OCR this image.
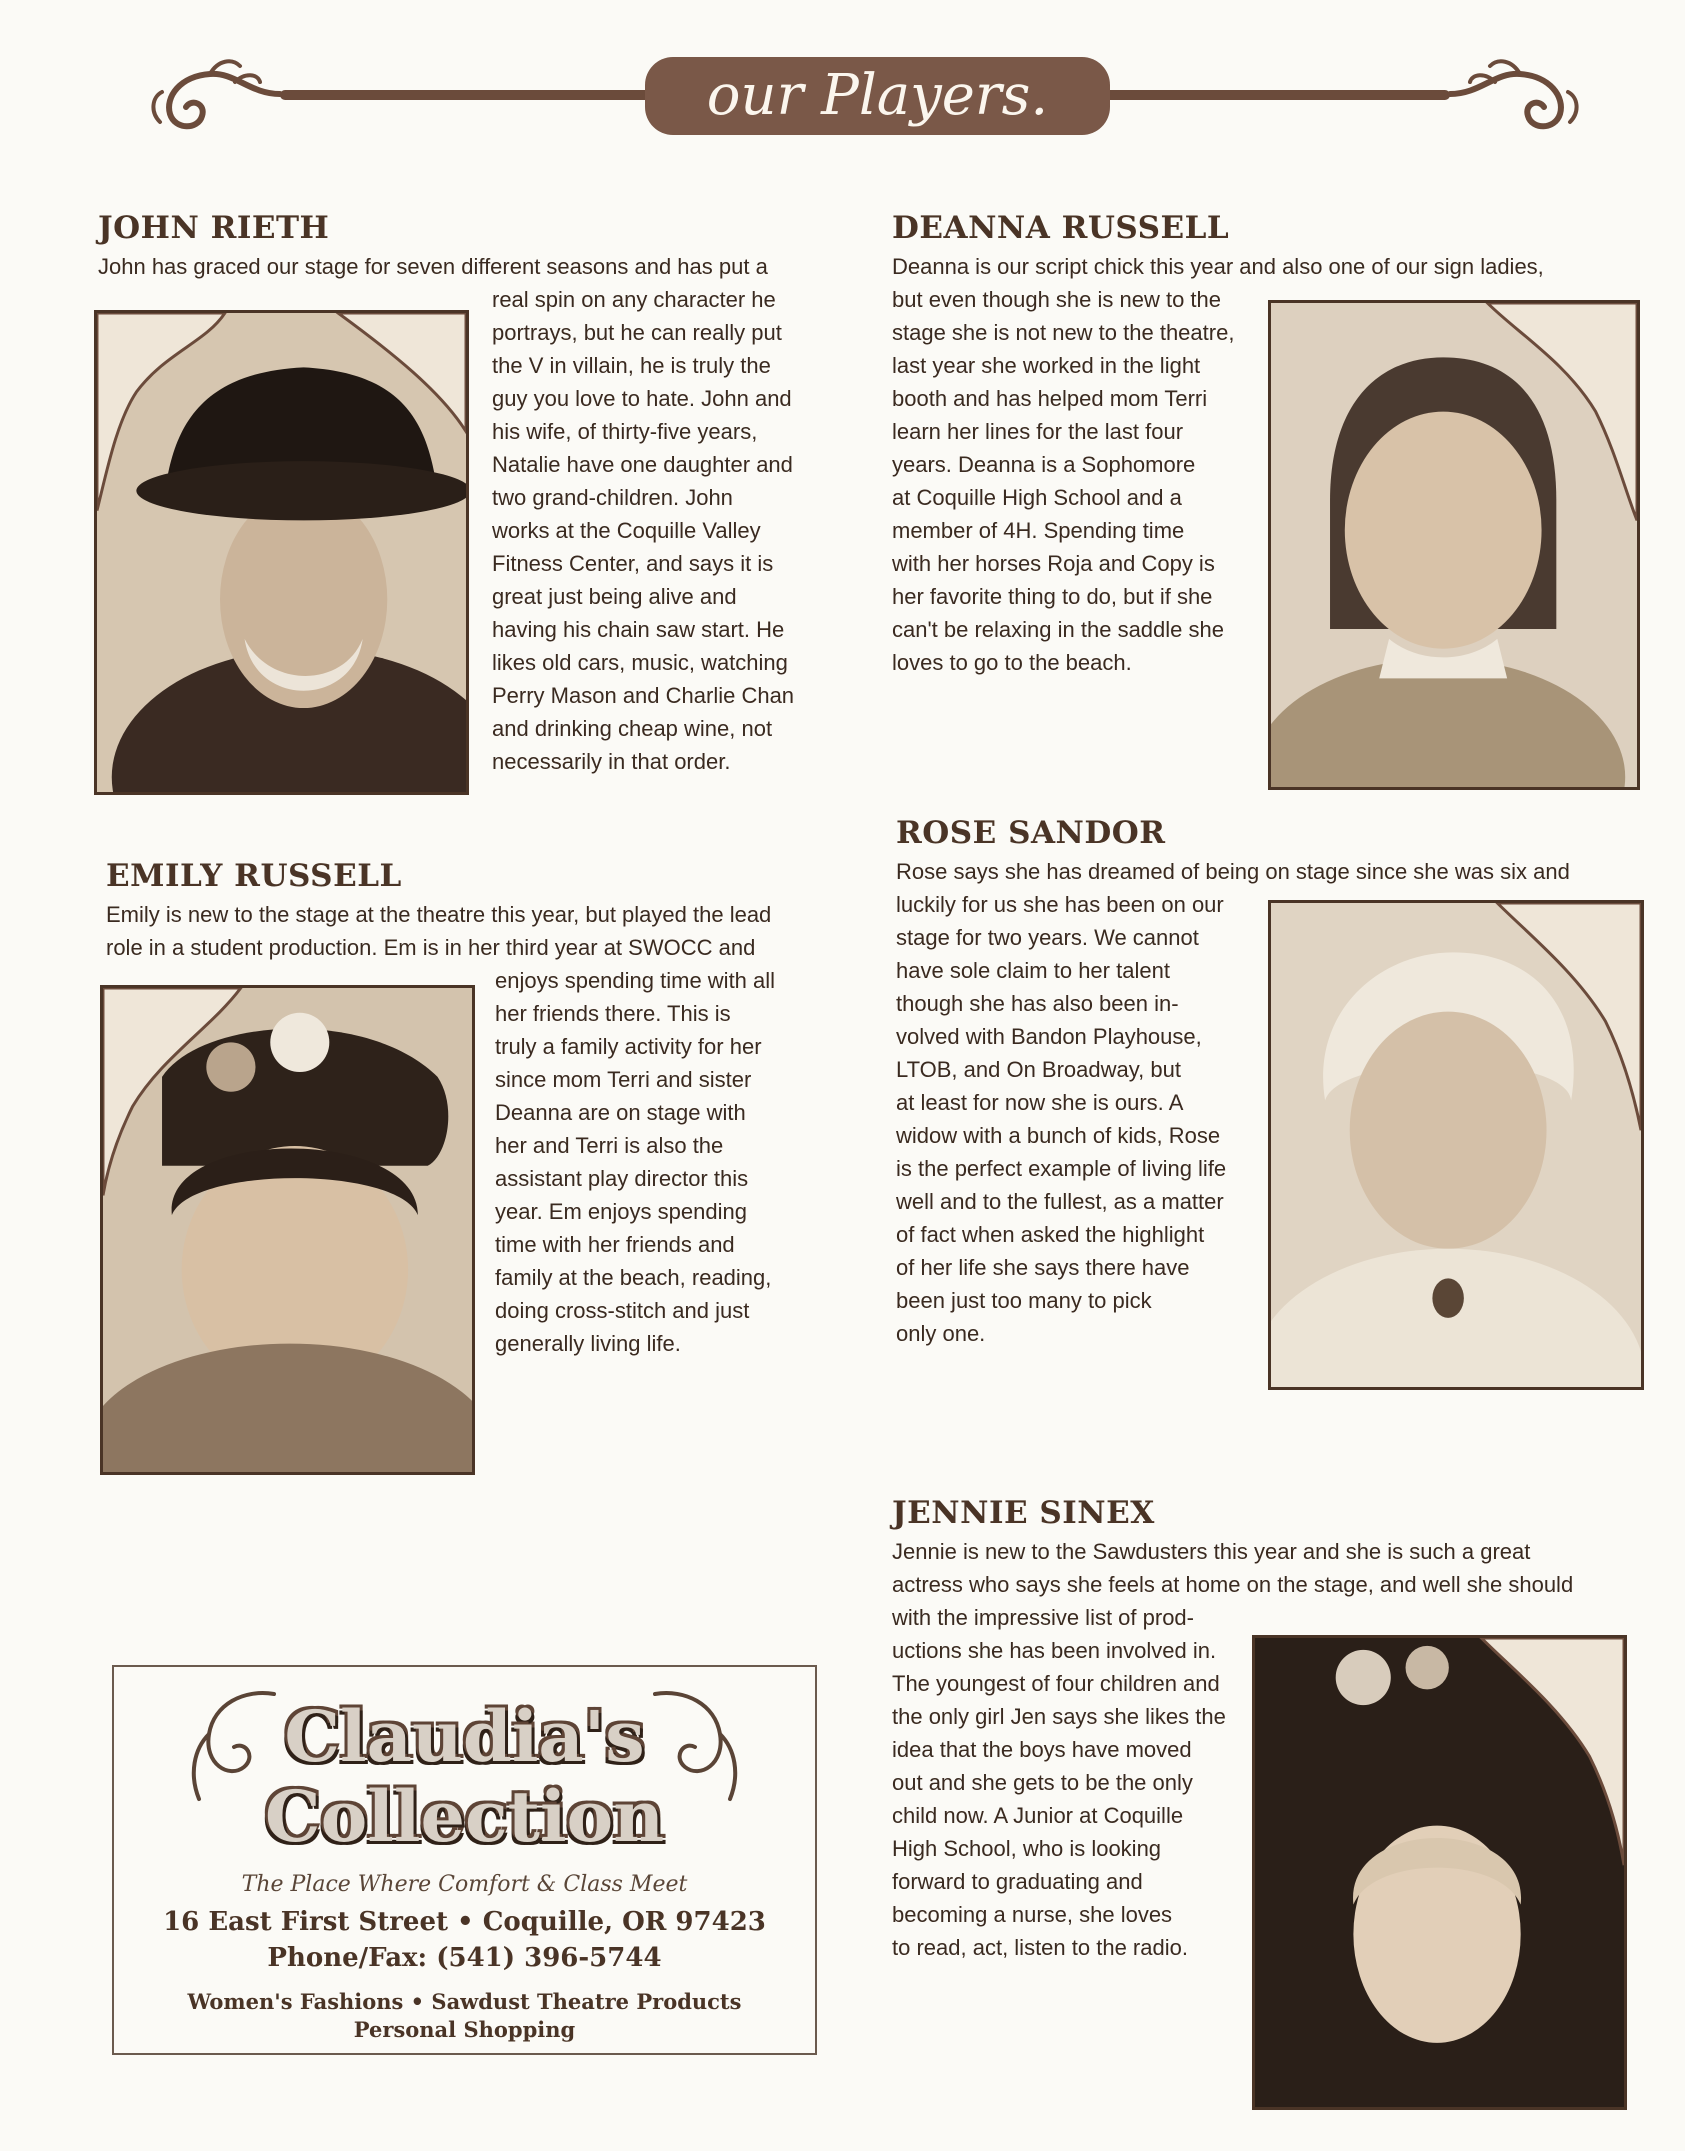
our Players.
JOHN RIETH

John has graced our stage for seven different seasons and has put a

real spin on any character he

portrays, but he can really put

the V in villain, he is truly the

guy you love to hate. John and

his wife, of thirty-five years,

Natalie have one daughter and

two grand-children. John

works at the Coquille Valley

Fitness Center, and says it is

great just being alive and

having his chain saw start. He

likes old cars, music, watching

Perry Mason and Charlie Chan

and drinking cheap wine, not

necessarily in that order.

DEANNA RUSSELL

Deanna is our script chick this year and also one of our sign ladies,

but even though she is new to the

stage she is not new to the theatre,

last year she worked in the light

booth and has helped mom Terri

learn her lines for the last four

years. Deanna is a Sophomore

at Coquille High School and a

member of 4H. Spending time

with her horses Roja and Copy is

her favorite thing to do, but if she

can't be relaxing in the saddle she

loves to go to the beach.

EMILY RUSSELL

Emily is new to the stage at the theatre this year, but played the lead

role in a student production. Em is in her third year at SWOCC and

enjoys spending time with all

her friends there. This is

truly a family activity for her

since mom Terri and sister

Deanna are on stage with

her and Terri is also the

assistant play director this

year. Em enjoys spending

time with her friends and

family at the beach, reading,

doing cross-stitch and just

generally living life.

ROSE SANDOR

Rose says she has dreamed of being on stage since she was six and

luckily for us she has been on our

stage for two years. We cannot

have sole claim to her talent

though she has also been in-

volved with Bandon Playhouse,

LTOB, and On Broadway, but

at least for now she is ours. A

widow with a bunch of kids, Rose

is the perfect example of living life

well and to the fullest, as a matter

of fact when asked the highlight

of her life she says there have

been just too many to pick

only one.

JENNIE SINEX

Jennie is new to the Sawdusters this year and she is such a great

actress who says she feels at home on the stage, and well she should

with the impressive list of prod-

uctions she has been involved in.

The youngest of four children and

the only girl Jen says she likes the

idea that the boys have moved

out and she gets to be the only

child now. A Junior at Coquille

High School, who is looking

forward to graduating and

becoming a nurse, she loves

to read, act, listen to the radio.

Claudia's
Collection
The Place Where Comfort & Class Meet
16 East First Street • Coquille, OR 97423
Phone/Fax: (541) 396-5744
Women's Fashions • Sawdust Theatre Products
Personal Shopping
